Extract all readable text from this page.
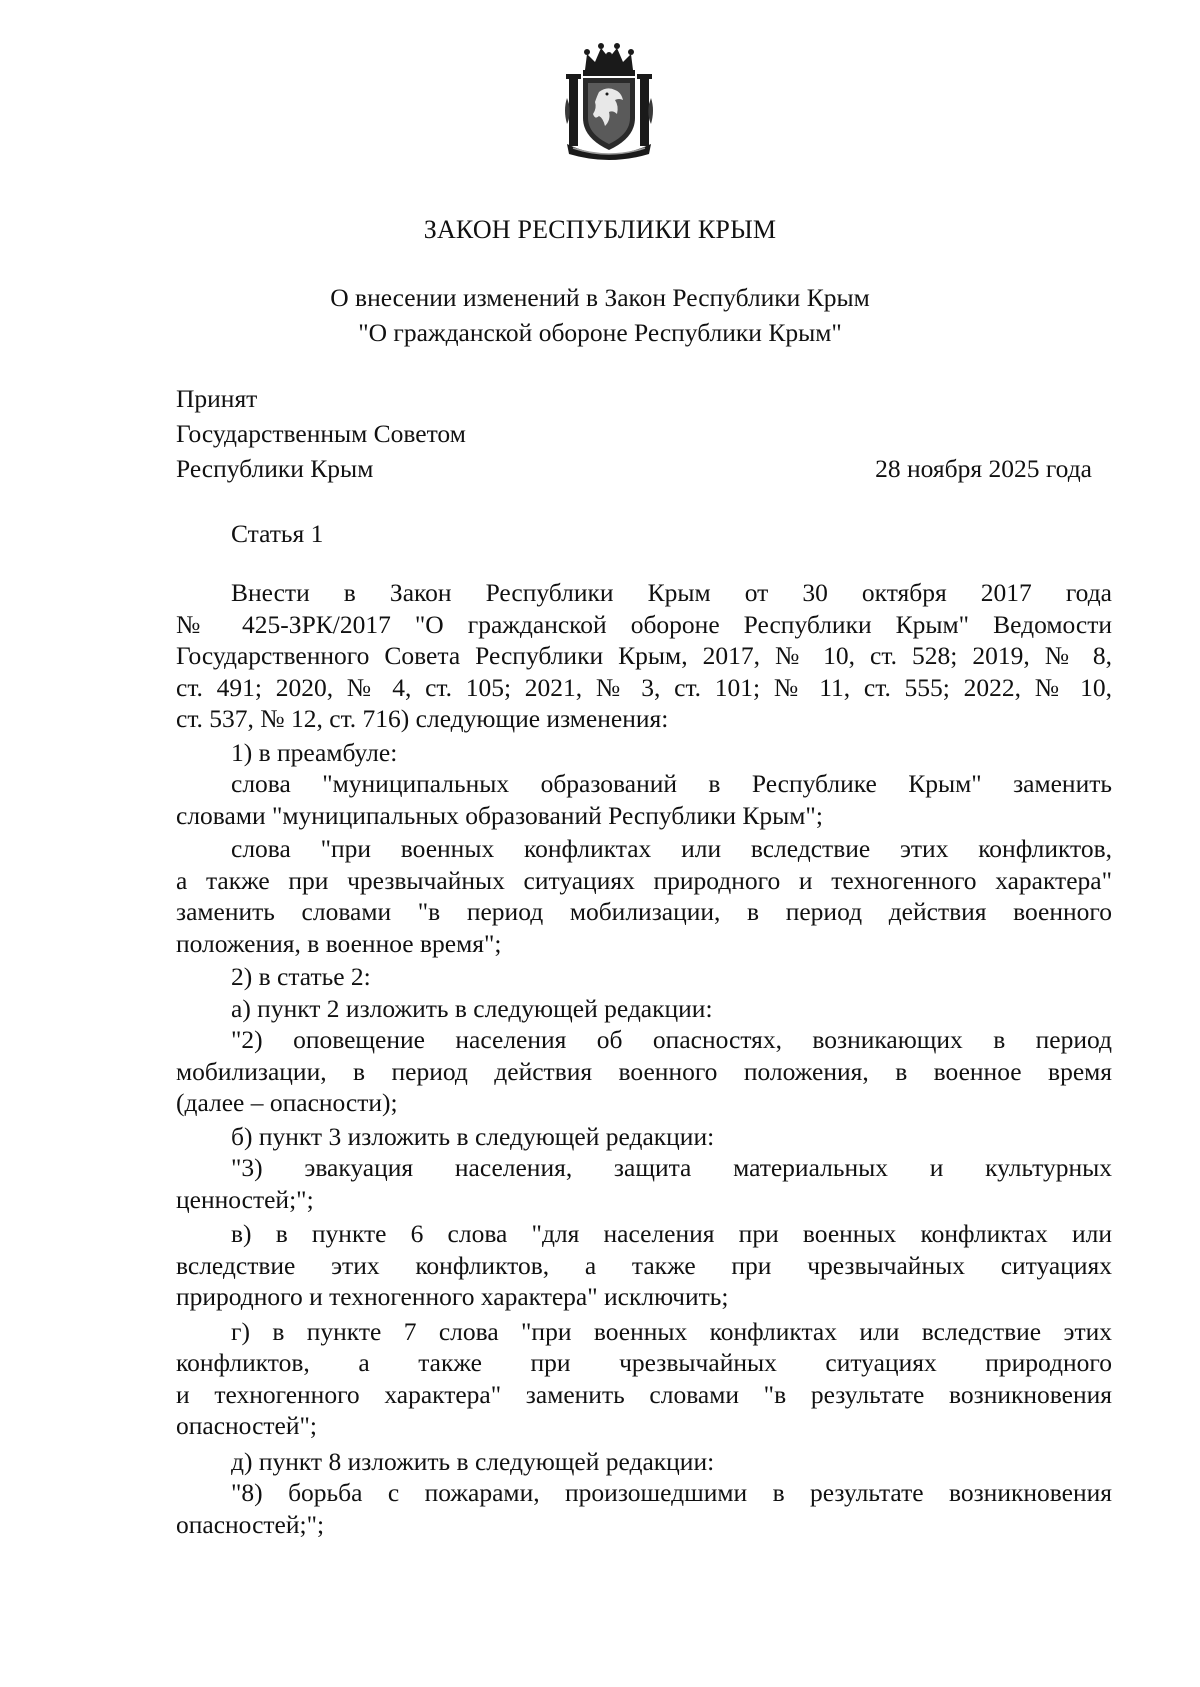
ЗАКОН РЕСПУБЛИКИ КРЫМ
О внесении изменений в Закон Республики Крым
"О гражданской обороне Республики Крым"
Принят
Государственным Советом
Республики Крым	28 ноября 2025 года
Статья 1
Внести в Закон Республики Крым от 30 октября 2017 года
№ 425-ЗРК/2017 "О гражданской обороне Республики Крым" Ведомости
Государственного Совета Республики Крым, 2017, № 10, ст. 528; 2019, № 8,
ст. 491; 2020, № 4, ст. 105; 2021, № 3, ст. 101; № 11, ст. 555; 2022, № 10,
ст. 537, № 12, ст. 716) следующие изменения:
1) в преамбуле:
слова "муниципальных образований в Республике Крым" заменить
словами "муниципальных образований Республики Крым";
слова "при военных конфликтах или вследствие этих конфликтов,
а также при чрезвычайных ситуациях природного и техногенного характера"
заменить словами "в период мобилизации, в период действия военного
положения, в военное время";
2) в статье 2:
а) пункт 2 изложить в следующей редакции:
"2) оповещение населения об опасностях, возникающих в период
мобилизации, в период действия военного положения, в военное время
(далее – опасности);
б) пункт 3 изложить в следующей редакции:
"3) эвакуация населения, защита материальных и культурных
ценностей;";
в) в пункте 6 слова "для населения при военных конфликтах или
вследствие этих конфликтов, а также при чрезвычайных ситуациях
природного и техногенного характера" исключить;
г) в пункте 7 слова "при военных конфликтах или вследствие этих
конфликтов, а также при чрезвычайных ситуациях природного
и техногенного характера" заменить словами "в результате возникновения
опасностей";
д) пункт 8 изложить в следующей редакции:
"8) борьба с пожарами, произошедшими в результате возникновения
опасностей;";
